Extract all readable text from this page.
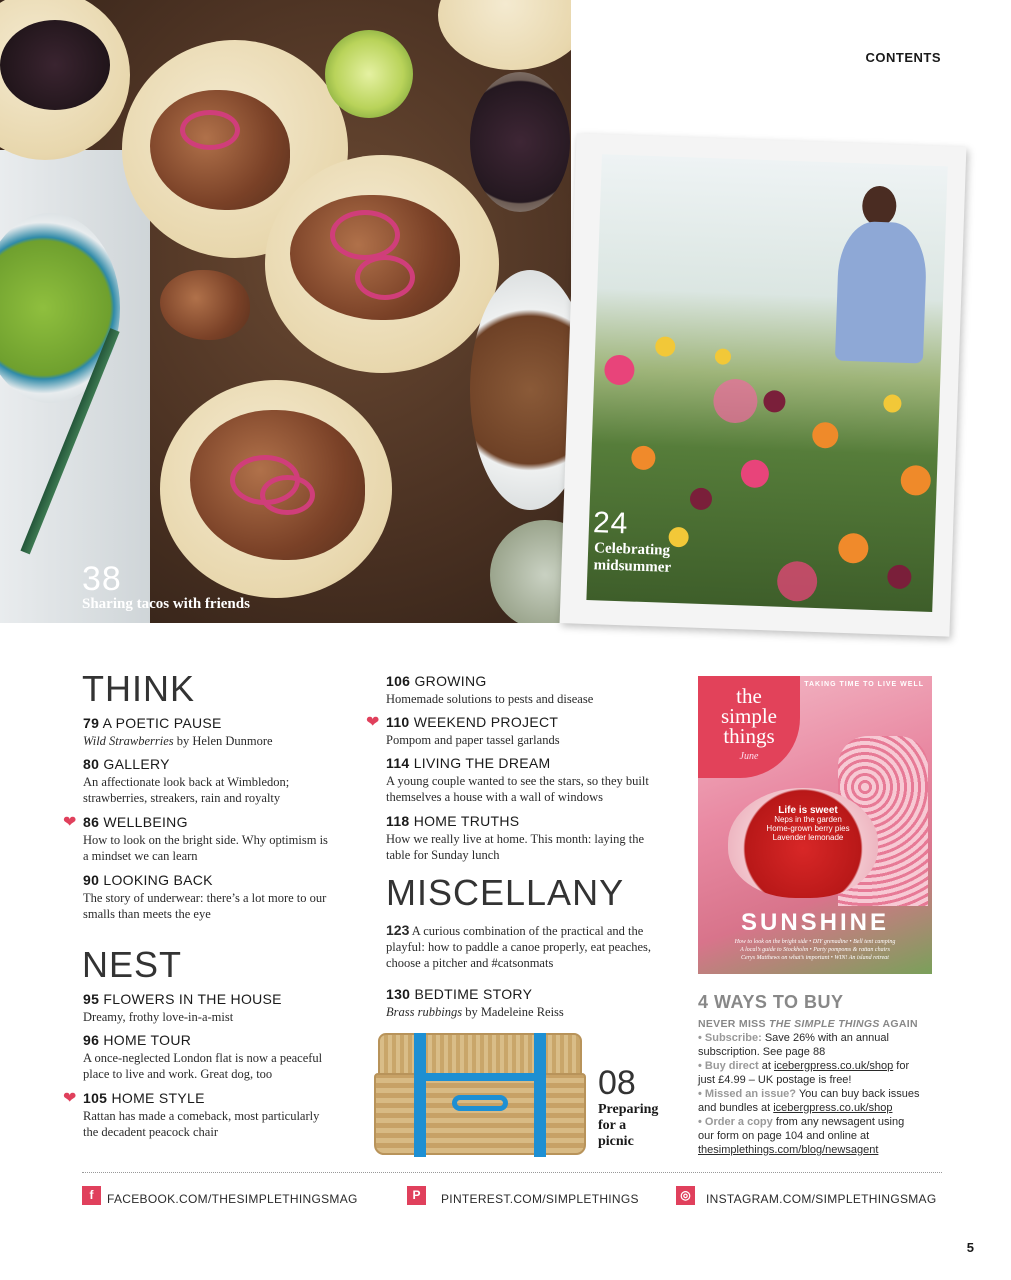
38
Sharing tacos with friends
24
Celebrating
midsummer
CONTENTS
THINK
79 A POETIC PAUSE
Wild Strawberries by Helen Dunmore
80 GALLERY
An affectionate look back at Wimbledon;
strawberries, streakers, rain and royalty
❤ 86 WELLBEING
How to look on the bright side. Why optimism is
a mindset we can learn
90 LOOKING BACK
The story of underwear: there’s a lot more to our
smalls than meets the eye
NEST
95 FLOWERS IN THE HOUSE
Dreamy, frothy love-in-a-mist
96 HOME TOUR
A once-neglected London flat is now a peaceful
place to live and work. Great dog, too
❤ 105 HOME STYLE
Rattan has made a comeback, most particularly
the decadent peacock chair
106 GROWING
Homemade solutions to pests and disease
❤ 110 WEEKEND PROJECT
Pompom and paper tassel garlands
114 LIVING THE DREAM
A young couple wanted to see the stars, so they built
themselves a house with a wall of windows
118 HOME TRUTHS
How we really live at home. This month: laying the
table for Sunday lunch
MISCELLANY
123 A curious combination of the practical and the
playful: how to paddle a canoe properly, eat peaches,
choose a pitcher and #catsonmats
130 BEDTIME STORY
Brass rubbings by Madeleine Reiss
08
Preparing
for a
picnic
TAKING TIME TO LIVE WELL
the
simple
things
June
Life is sweet
Neps in the garden
Home-grown berry pies
Lavender lemonade
SUNSHINE
How to look on the bright side • DIY grenadine • Bell tent camping
A local’s guide to Stockholm • Party pompoms & rattan chairs
Cerys Matthews on what’s important • WIN! An island retreat
4 WAYS TO BUY
NEVER MISS THE SIMPLE THINGS AGAIN
• Subscribe: Save 26% with an annual
subscription. See page 88
• Buy direct at icebergpress.co.uk/shop for
just £4.99 – UK postage is free!
• Missed an issue? You can buy back issues
and bundles at icebergpress.co.uk/shop
• Order a copy from any newsagent using
our form on page 104 and online at
thesimplethings.com/blog/newsagent
f	FACEBOOK.COM/THESIMPLETHINGSMAG	P	PINTEREST.COM/SIMPLETHINGS	◎	INSTAGRAM.COM/SIMPLETHINGSMAG
5
